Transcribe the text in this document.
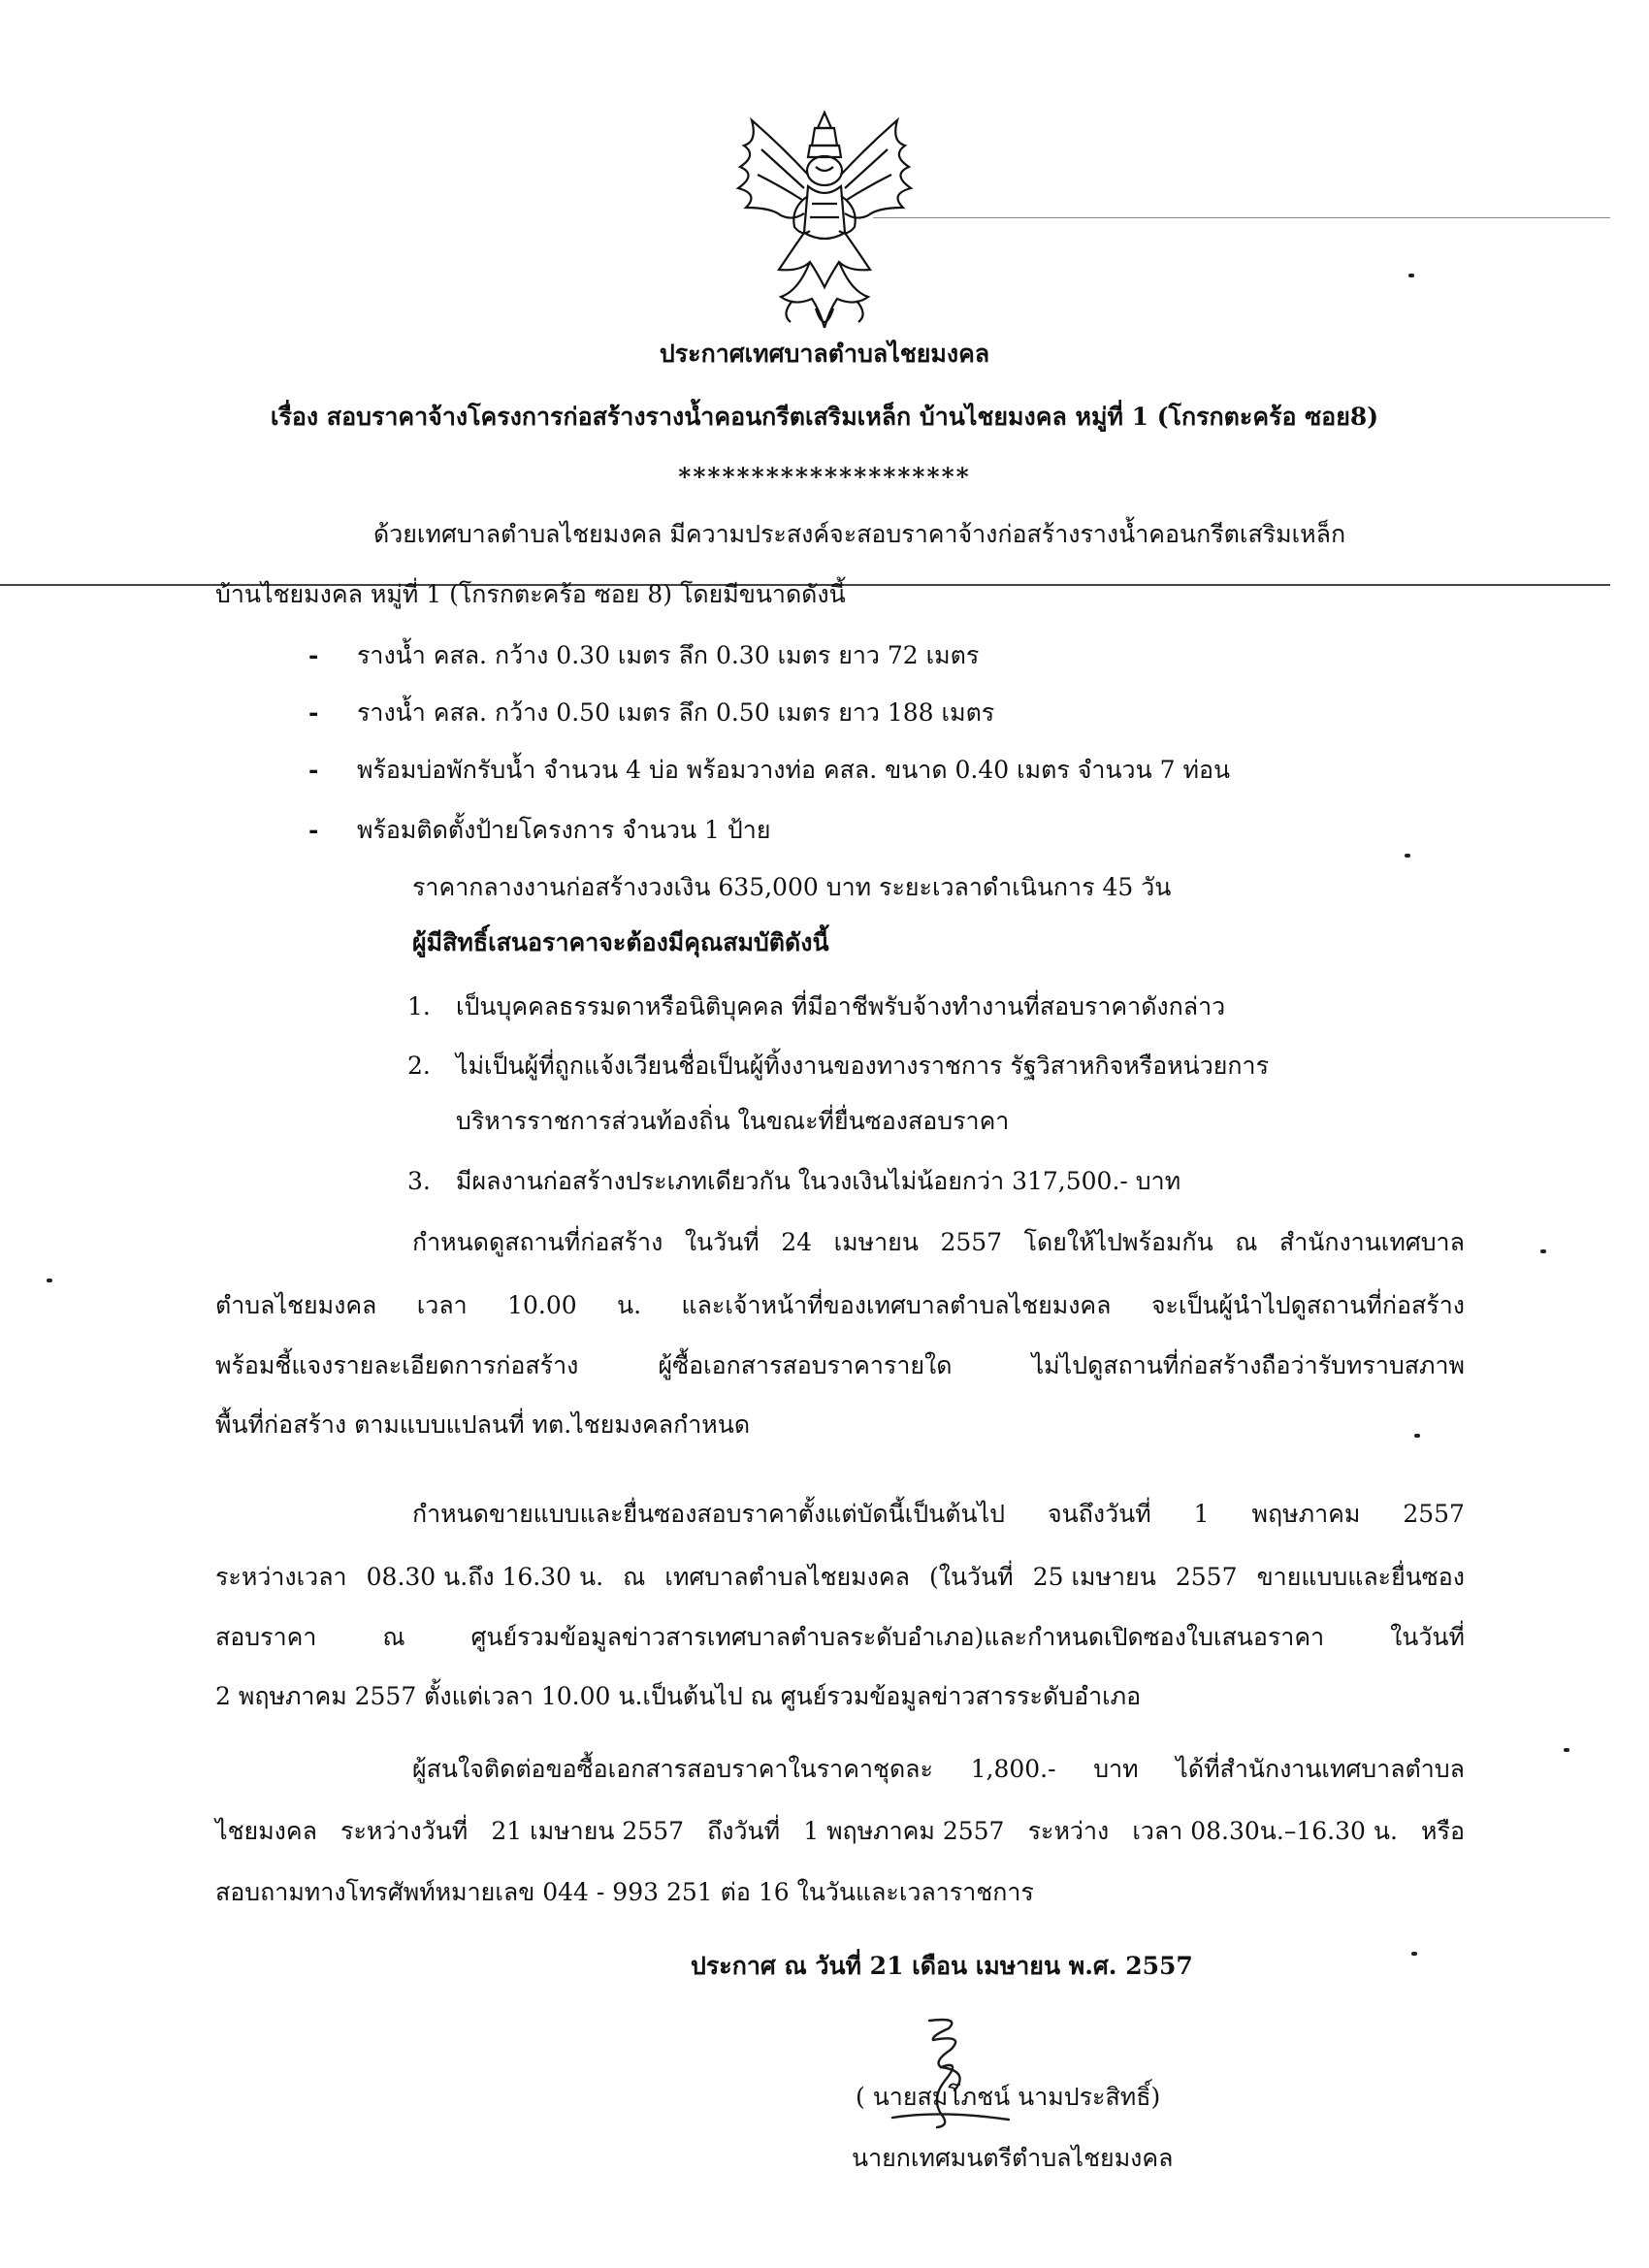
ประกาศเทศบาลตำบลไชยมงคล
เรื่อง สอบราคาจ้างโครงการก่อสร้างรางน้ำคอนกรีตเสริมเหล็ก บ้านไชยมงคล หมู่ที่ 1 (โกรกตะคร้อ ซอย8)
********************
ด้วยเทศบาลตำบลไชยมงคล มีความประสงค์จะสอบราคาจ้างก่อสร้างรางน้ำคอนกรีตเสริมเหล็ก
บ้านไชยมงคล หมู่ที่ 1 (โกรกตะคร้อ ซอย 8) โดยมีขนาดดังนี้
- รางน้ำ คสล. กว้าง 0.30 เมตร ลึก 0.30 เมตร ยาว 72 เมตร
- รางน้ำ คสล. กว้าง 0.50 เมตร ลึก 0.50 เมตร ยาว 188 เมตร
- พร้อมบ่อพักรับน้ำ จำนวน 4 บ่อ พร้อมวางท่อ คสล. ขนาด 0.40 เมตร จำนวน 7 ท่อน
- พร้อมติดตั้งป้ายโครงการ จำนวน 1 ป้าย
ราคากลางงานก่อสร้างวงเงิน 635,000 บาท ระยะเวลาดำเนินการ 45 วัน
ผู้มีสิทธิ์เสนอราคาจะต้องมีคุณสมบัติดังนี้
1. เป็นบุคคลธรรมดาหรือนิติบุคคล ที่มีอาชีพรับจ้างทำงานที่สอบราคาดังกล่าว
2. ไม่เป็นผู้ที่ถูกแจ้งเวียนชื่อเป็นผู้ทิ้งงานของทางราชการ รัฐวิสาหกิจหรือหน่วยการ
บริหารราชการส่วนท้องถิ่น ในขณะที่ยื่นซองสอบราคา
3. มีผลงานก่อสร้างประเภทเดียวกัน ในวงเงินไม่น้อยกว่า 317,500.- บาท
กำหนดดูสถานที่ก่อสร้าง ในวันที่ 24 เมษายน 2557 โดยให้ไปพร้อมกัน ณ สำนักงานเทศบาล
ตำบลไชยมงคล เวลา 10.00 น. และเจ้าหน้าที่ของเทศบาลตำบลไชยมงคล จะเป็นผู้นำไปดูสถานที่ก่อสร้าง
พร้อมชี้แจงรายละเอียดการก่อสร้าง	ผู้ซื้อเอกสารสอบราคารายใด	ไม่ไปดูสถานที่ก่อสร้างถือว่ารับทราบสภาพ
พื้นที่ก่อสร้าง ตามแบบแปลนที่ ทต.ไชยมงคลกำหนด
กำหนดขายแบบและยื่นซองสอบราคาตั้งแต่บัดนี้เป็นต้นไป จนถึงวันที่ 1 พฤษภาคม 2557
ระหว่างเวลา 08.30 น.ถึง 16.30 น. ณ เทศบาลตำบลไชยมงคล (ในวันที่ 25 เมษายน 2557 ขายแบบและยื่นซอง
สอบราคา	ณ	ศูนย์รวมข้อมูลข่าวสารเทศบาลตำบลระดับอำเภอ)และกำหนดเปิดซองใบเสนอราคา	ในวันที่
2 พฤษภาคม 2557 ตั้งแต่เวลา 10.00 น.เป็นต้นไป ณ ศูนย์รวมข้อมูลข่าวสารระดับอำเภอ
ผู้สนใจติดต่อขอซื้อเอกสารสอบราคาในราคาชุดละ 1,800.- บาท ได้ที่สำนักงานเทศบาลตำบล
ไชยมงคล ระหว่างวันที่ 21 เมษายน 2557 ถึงวันที่ 1 พฤษภาคม 2557 ระหว่าง เวลา 08.30น.–16.30 น. หรือ
สอบถามทางโทรศัพท์หมายเลข 044 - 993 251 ต่อ 16 ในวันและเวลาราชการ
ประกาศ ณ วันที่ 21 เดือน เมษายน พ.ศ. 2557
( นายสมโภชน์ นามประสิทธิ์)
นายกเทศมนตรีตำบลไชยมงคล
